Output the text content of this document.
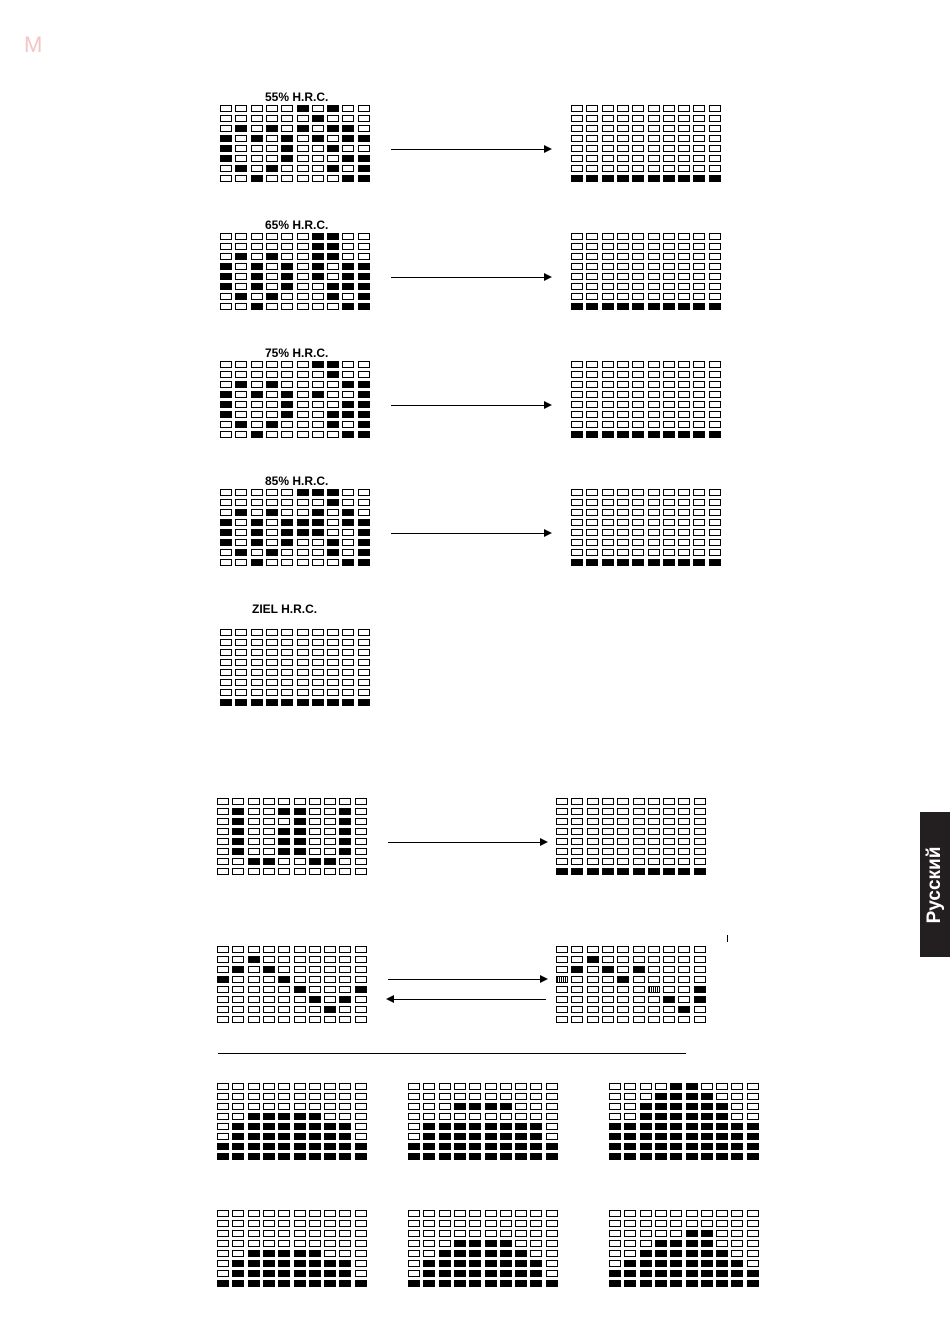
M
55% H.R.C.
65% H.R.C.
75% H.R.C.
85% H.R.C.
ZIEL H.R.C.
Русский
